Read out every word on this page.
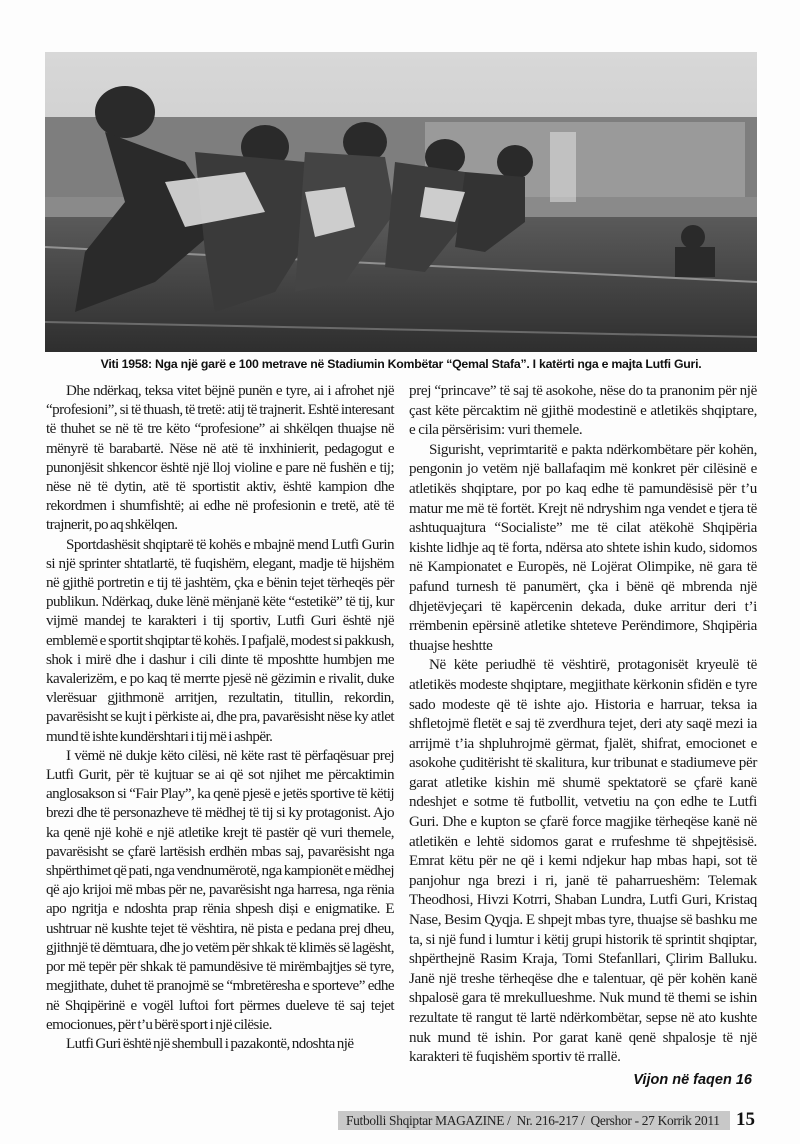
Viti 1958: Nga një garë e 100 metrave në Stadiumin Kombëtar “Qemal Stafa”. I katërti nga e majta Lutfi Guri.

Dhe ndërkaq, teksa vitet bëjnë punën e tyre, ai i afrohet një “profesioni”, si të thuash, të tretë: atij të trajnerit. Eshtë interesant të thuhet se në të tre këto “profesione” ai shkëlqen thuajse në mënyrë të barabartë. Nëse në atë të inxhinierit, pedagogut e punonjësit shkencor është një lloj violine e pare në fushën e tij; nëse në të dytin, atë të sportistit aktiv, është kampion dhe rekordmen i shumfishtë; ai edhe në profesionin e tretë, atë të trajnerit, po aq shkëlqen.

Sportdashësit shqiptarë të kohës e mbajnë mend Lutfi Gurin si një sprinter shtatlartë, të fuqishëm, elegant, madje të hijshëm në gjithë portretin e tij të jashtëm, çka e bënin tejet tërheqës për publikun. Ndërkaq, duke lënë mënjanë këte “estetikë” të tij, kur vijmë mandej te karakteri i tij sportiv, Lutfi Guri është një emblemë e sportit shqiptar të kohës. I pafjalë, modest si pakkush, shok i mirë dhe i dashur i cili dinte të mposhtte humbjen me kavalerizëm, e po kaq të merrte pjesë në gëzimin e rivalit, duke vlerësuar gjithmonë arritjen, rezultatin, titullin, rekordin, pavarësisht se kujt i përkiste ai, dhe pra, pavarësisht nëse ky atlet mund të ishte kundërshtari i tij më i ashpër.

I vëmë në dukje këto cilësi, në këte rast të përfaqësuar prej Lutfi Gurit, për të kujtuar se ai që sot njihet me përcaktimin anglosakson si “Fair Play”, ka qenë pjesë e jetës sportive të këtij brezi dhe të personazheve të mëdhej të tij si ky protagonist. Ajo ka qenë një kohë e një atletike krejt të pastër që vuri themele, pavarësisht se çfarë lartësish erdhën mbas saj, pavarësisht nga shpërthimet që pati, nga vendnumërotë, nga kampionët e mëdhej që ajo krijoi më mbas për ne, pavarësisht nga harresa, nga rënia apo ngritja e ndoshta prap rënia shpesh diși e enigmatike. E ushtruar në kushte tejet të vështira, në pista e pedana prej dheu, gjithnjë të dëmtuara, dhe jo vetëm për shkak të klimës së lagësht, por më tepër për shkak të pamundësive të mirëmbajtjes së tyre, megjithate, duhet të pranojmë se “mbretëresha e sporteve” edhe në Shqipërinë e vogël luftoi fort përmes dueleve të saj tejet emocionues, për t’u bërë sport i një cilësie.

Lutfi Guri është një shembull i pazakontë, ndoshta një

prej “princave” të saj të asokohe, nëse do ta pranonim për një çast këte përcaktim në gjithë modestinë e atletikës shqiptare, e cila përsërisim: vuri themele.

Sigurisht, veprimtaritë e pakta ndërkombëtare për kohën, pengonin jo vetëm një ballafaqim më konkret për cilësinë e atletikës shqiptare, por po kaq edhe të pamundësisë për t’u matur me më të fortët. Krejt në ndryshim nga vendet e tjera të ashtuquajtura “Socialiste” me të cilat atëkohë Shqipëria kishte lidhje aq të forta, ndërsa ato shtete ishin kudo, sidomos në Kampionatet e Europës, në Lojërat Olimpike, në gara të pafund turnesh të panumërt, çka i bënë që mbrenda një dhjetëvjeçari të kapërcenin dekada, duke arritur deri t’i rrëmbenin epërsinë atletike shteteve Perëndimore, Shqipëria thuajse heshtte

Në këte periudhë të vështirë, protagonisët kryeulë të atletikës modeste shqiptare, megjithate kërkonin sfidën e tyre sado modeste që të ishte ajo. Historia e harruar, teksa ia shfletojmë fletët e saj të zverdhura tejet, deri aty saqë mezi ia arrijmë t’ia shpluhrojmë gërmat, fjalët, shifrat, emocionet e asokohe çuditërisht të skalitura, kur tribunat e stadiumeve për garat atletike kishin më shumë spektatorë se çfarë kanë ndeshjet e sotme të futbollit, vetvetiu na çon edhe te Lutfi Guri. Dhe e kupton se çfarë force magjike tërheqëse kanë në atletikën e lehtë sidomos garat e rrufeshme të shpejtësisë. Emrat këtu për ne që i kemi ndjekur hap mbas hapi, sot të panjohur nga brezi i ri, janë të paharrueshëm: Telemak Theodhosi, Hivzi Kotrri, Shaban Lundra, Lutfi Guri, Kristaq Nase, Besim Qyqja. E shpejt mbas tyre, thuajse së bashku me ta, si një fund i lumtur i këtij grupi historik të sprintit shqiptar, shpërthejnë Rasim Kraja, Tomi Stefanllari, Çlirim Balluku. Janë një treshe tërheqëse dhe e talentuar, që për kohën kanë shpalosë gara të mrekullueshme. Nuk mund të themi se ishin rezultate të rangut të lartë ndërkombëtar, sepse në ato kushte nuk mund të ishin. Por garat kanë qenë shpalosje të një karakteri të fuqishëm sportiv të rrallë.

Vijon në faqen 16
Futbolli Shqiptar MAGAZINE / Nr. 216-217 / Qershor - 27 Korrik 2011 15
